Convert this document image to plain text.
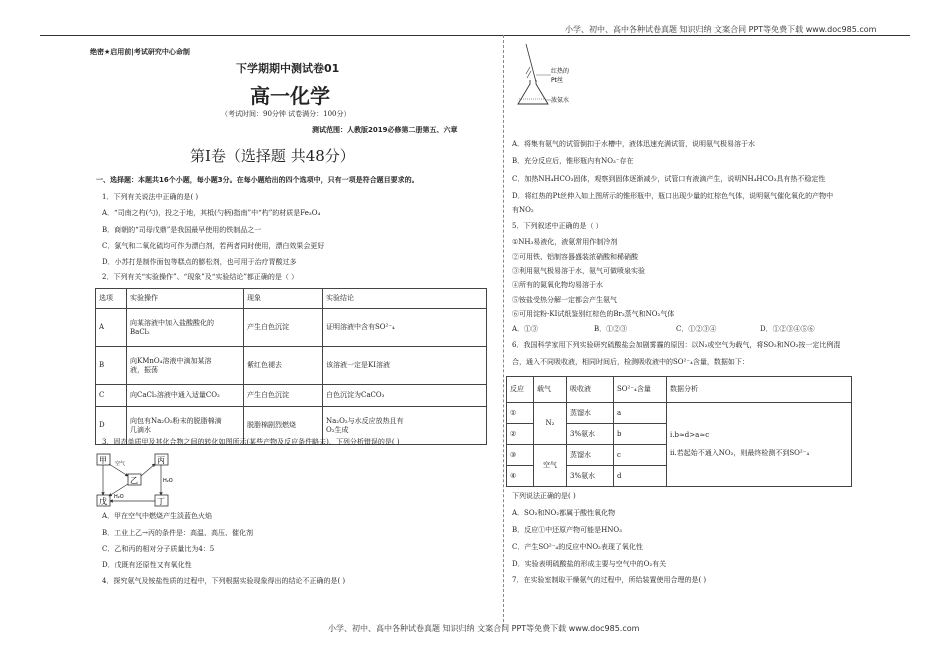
小学、初中、高中各种试卷真题 知识归纳 文案合同 PPT等免费下载 www.doc985.com
小学、初中、高中各种试卷真题 知识归纳 文案合同 PPT等免费下载 www.doc985.com
绝密★启用前|考试研究中心命制
下学期期中测试卷01
高一化学
（考试时间：90分钟 试卷满分：100分）
测试范围：人教版2019必修第二册第五、六章
第Ⅰ卷（选择题 共48分）
一、选择题：本题共16个小题，每小题3分。在每小题给出的四个选项中，只有一项是符合题目要求的。
1．下列有关说法中正确的是( )
A．“司南之杓(勺)，投之于地，其柢(勺柄)指南”中“杓”的材质是Fe₃O₄
B．商朝的“司母戊鼎”是我国最早使用的铁制品之一
C．氯气和二氧化硫均可作为漂白剂，若两者同时使用，漂白效果会更好
D．小苏打是制作面包等糕点的膨松剂，也可用于治疗胃酸过多
2．下列有关“实验操作”、“现象”及“实验结论”都正确的是（ ）
选项	实验操作	现象	实验结论
A	向某溶液中加入盐酸酸化的
BaCl₂	产生白色沉淀	证明溶液中含有SO²⁻₄

B	向KMnO₄溶液中滴加某溶
液，振荡	紫红色褪去	该溶液一定是KI溶液

C	向CaCl₂溶液中通入适量CO₂	产生白色沉淀	白色沉淀为CaCO₃
D	向包有Na₂O₂粉末的脱脂棉滴
几滴水	脱脂棉剧烈燃烧	Na₂O₂与水反应放热且有
O₂生成
3．固态单质甲及其化合物之间的转化如图所示(某些产物及反应条件略去)．下列分析错误的是( )
甲	丙
乙
戊	丁
空气
H₂O
H₂O
A．甲在空气中燃烧产生淡蓝色火焰
B．工业上乙→丙的条件是：高温、高压、催化剂
C．乙和丙的相对分子质量比为4：5
D．戊既有还原性又有氧化性
4．探究氨气及铵盐性质的过程中，下列根据实验现象得出的结论不正确的是( )
红热的
Pt丝
浓氨水
A．将集有氨气的试管倒扣于水槽中，液体迅速充满试管，说明氨气极易溶于水
B．充分反应后，锥形瓶内有NO₃⁻存在
C．加热NH₄HCO₃固体，观察到固体逐渐减少，试管口有液滴产生，说明NH₄HCO₃具有热不稳定性
D．将红热的Pt丝伸入如上图所示的锥形瓶中，瓶口出现少量的红棕色气体，说明氨气催化氧化的产物中
有NO₂
5．下列叙述中正确的是（ ）
①NH₃易液化，液氨常用作制冷剂
②可用铁、铝制容器盛装浓硝酸和稀硝酸
③利用氨气极易溶于水，氨气可做喷泉实验
④所有的氮氧化物均易溶于水
⑤铵盐受热分解一定都会产生氨气
⑥可用淀粉-KI试纸鉴别红棕色的Br₂蒸气和NO₂气体
A．①③	B．①②③	C．①②③④	D．①②③④⑤⑥
6．我国科学家用下列实验研究硫酸盐会加剧雾霾的原因：以N₂或空气为载气，将SO₂和NO₂按一定比例混
合，通入不同吸收液，相同时间后，检测吸收液中的SO²⁻₄含量，数据如下：
反应	载气	吸收液	SO²⁻₄含量	数据分析
①	N₂	蒸馏水	a	i.b≈d>a≈c

ii.若起始不通入NO₂，则最终检测不到SO²⁻₄
②		3%氨水	b	
③	空气	蒸馏水	c	
④		3%氨水	d	
下列说法正确的是( )
A．SO₂和NO₂都属于酸性氧化物
B．反应①中还原产物可能是HNO₃
C．产生SO²⁻₄的反应中NO₂表现了氧化性
D．实验表明硫酸盐的形成主要与空气中的O₂有关
7．在实验室制取干燥氨气的过程中，所给装置使用合理的是( )
